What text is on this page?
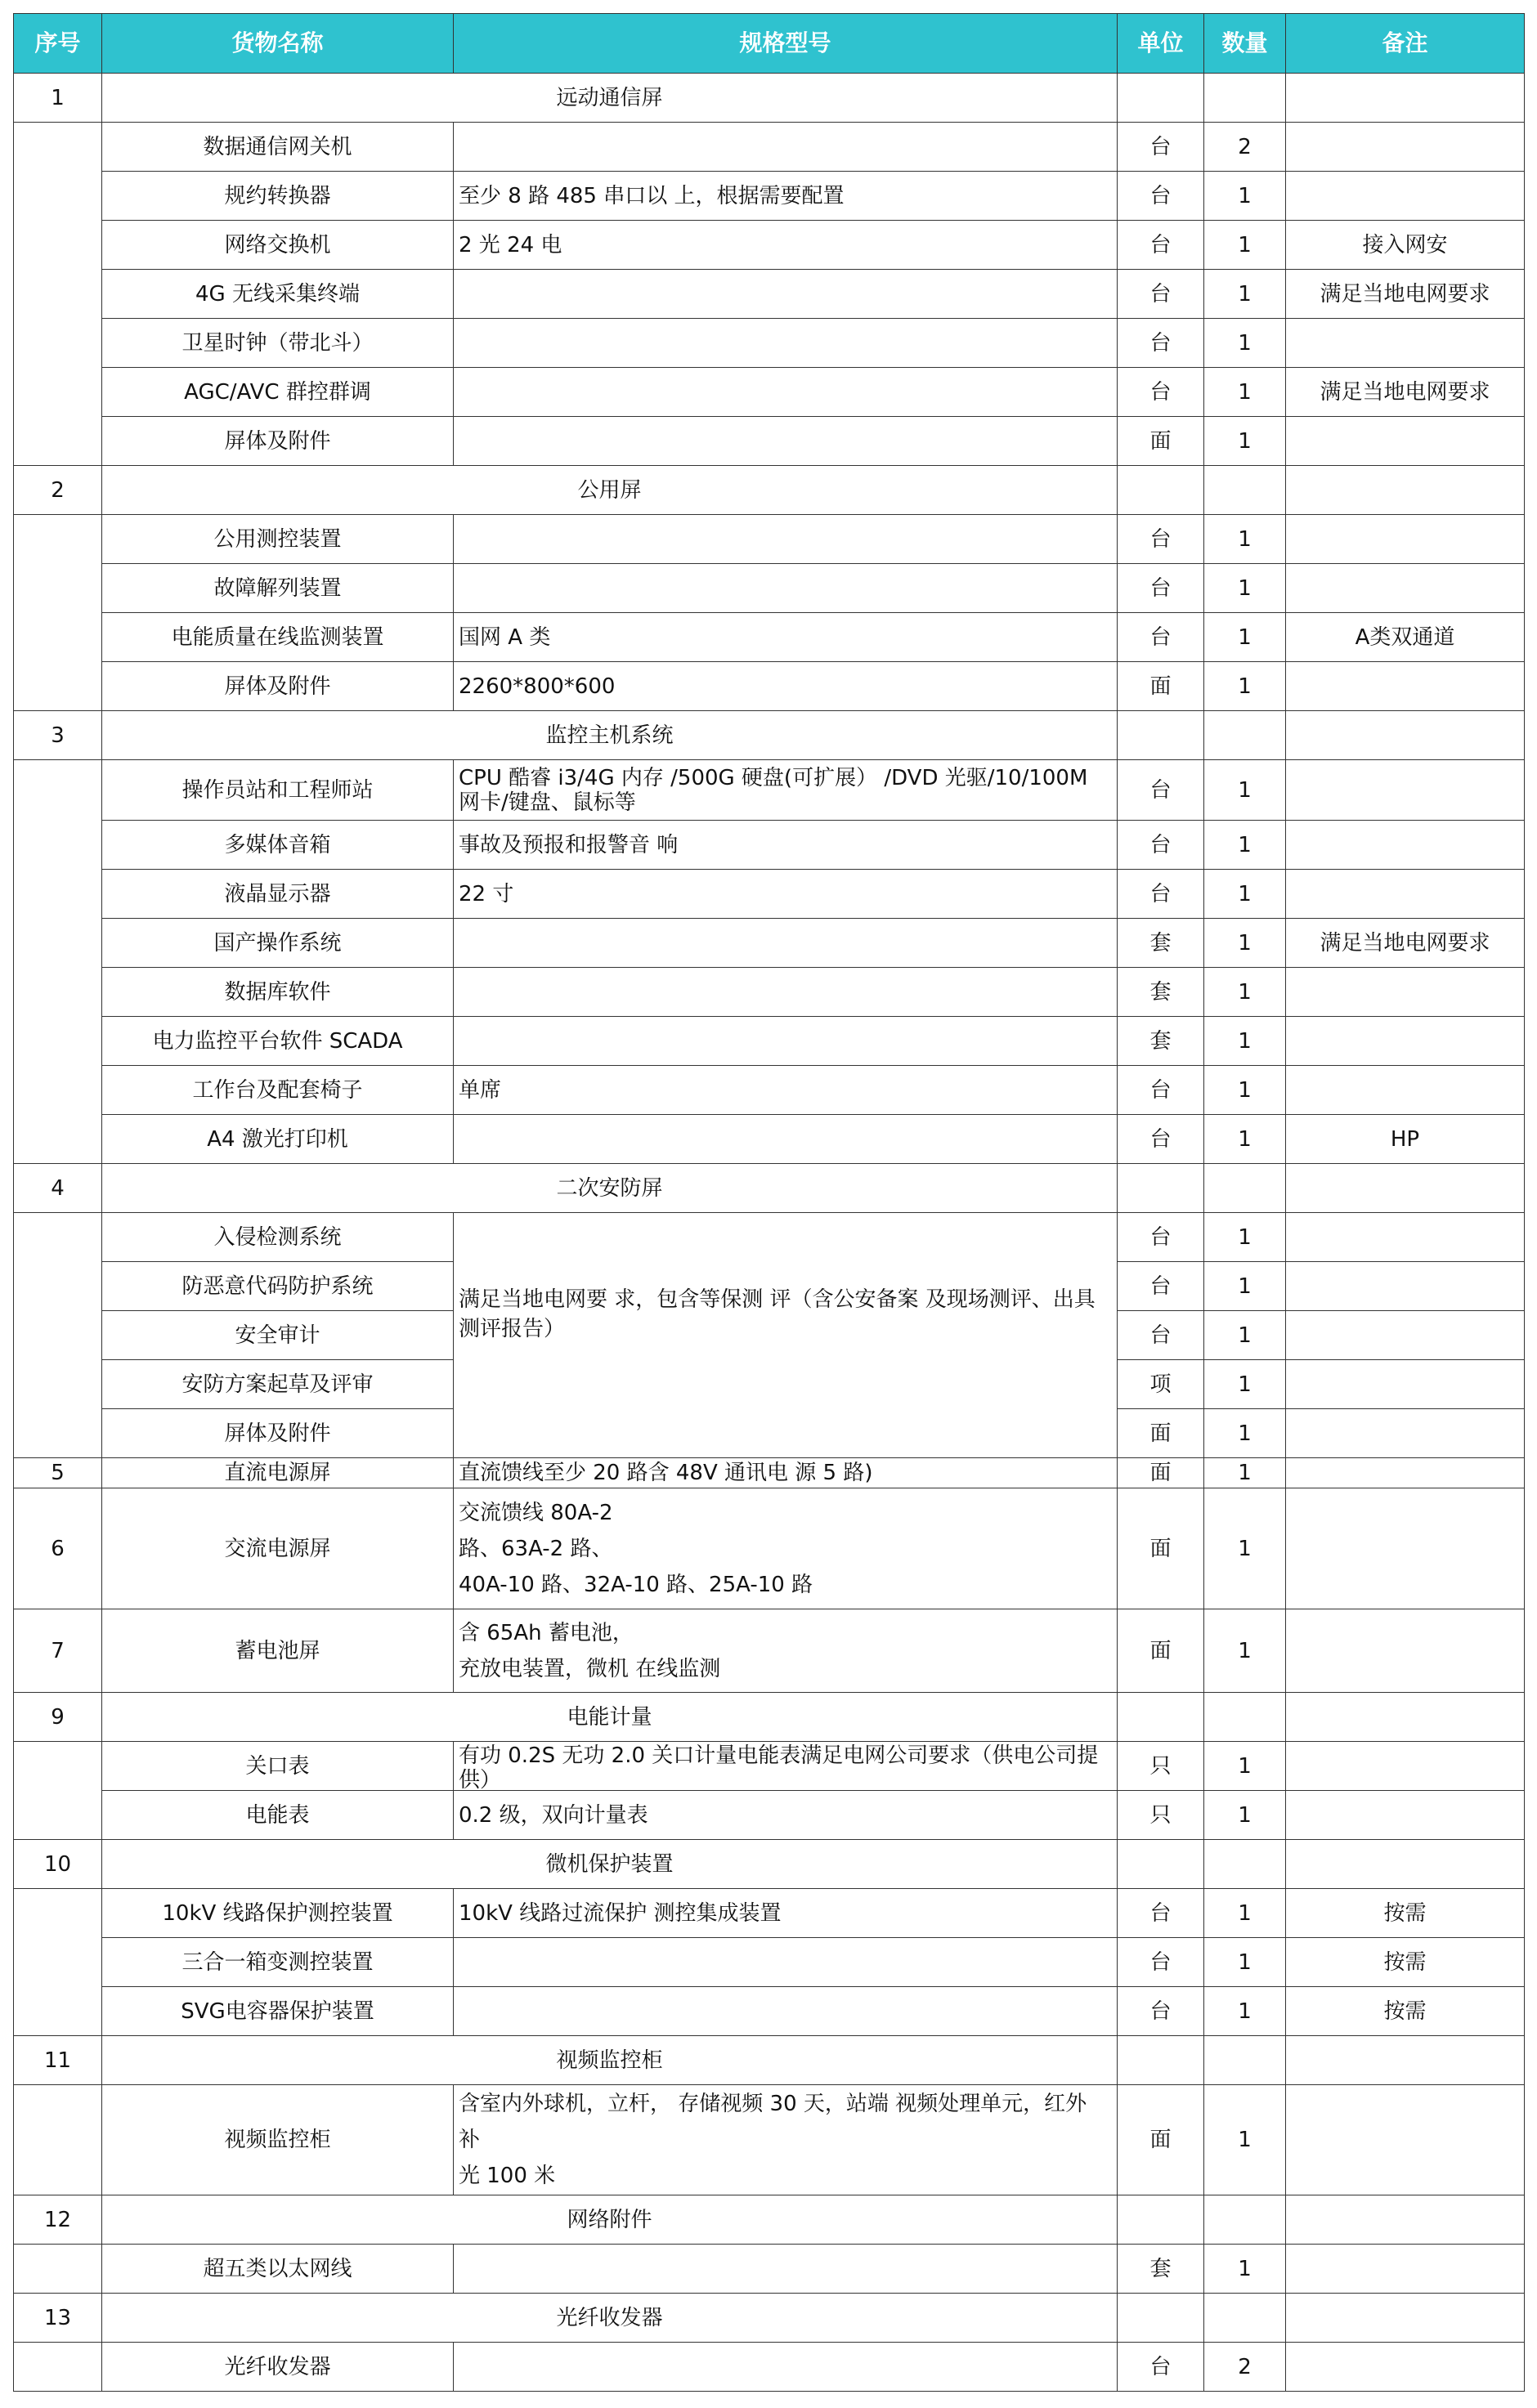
序号	货物名称	规格型号	单位	数量	备注
1	远动通信屏				
	数据通信网关机		台	2	
	规约转换器	至少 8 路 485 串口以 上，根据需要配置	台	1	
	网络交换机	2 光 24 电	台	1	接入网安
	4G 无线采集终端		台	1	满足当地电网要求
	卫星时钟（带北斗）		台	1	
	AGC/AVC 群控群调		台	1	满足当地电网要求
	屏体及附件		面	1	
2	公用屏				
	公用测控装置		台	1	
	故障解列装置		台	1	
	电能质量在线监测装置	国网 A 类	台	1	A类双通道
	屏体及附件	2260*800*600	面	1	
3	监控主机系统				
	操作员站和工程师站	CPU 酷睿 i3/4G 内存 /500G 硬盘(可扩展） /DVD 光驱/10/100M 网卡/键盘、鼠标等	台	1	
	多媒体音箱	事故及预报和报警音 响	台	1	
	液晶显示器	22 寸	台	1	
	国产操作系统		套	1	满足当地电网要求
	数据库软件		套	1	
	电力监控平台软件 SCADA		套	1	
	工作台及配套椅子	单席	台	1	
	A4 激光打印机		台	1	HP
4	二次安防屏				
	入侵检测系统	满足当地电网要 求，包含等保测 评（含公安备案 及现场测评、出具测评报告）	台	1	
	防恶意代码防护系统		台	1	
	安全审计		台	1	
	安防方案起草及评审		项	1	
	屏体及附件		面	1	
5	直流电源屏	直流馈线至少 20 路含 48V 通讯电 源 5 路)	面	1	
6	交流电源屏	交流馈线 80A-2
路、63A-2 路、
40A-10 路、32A-10 路、25A-10 路	面	1	
7	蓄电池屏	含 65Ah 蓄电池，
充放电装置，微机 在线监测	面	1	
9	电能计量				
	关口表	有功 0.2S 无功 2.0 关口计量电能表满足电网公司要求（供电公司提供）	只	1	
	电能表	0.2 级，双向计量表	只	1	
10	微机保护装置				
	10kV 线路保护测控装置	10kV 线路过流保护 测控集成装置	台	1	按需
	三合一箱变测控装置		台	1	按需
	SVG电容器保护装置		台	1	按需
11	视频监控柜				
	视频监控柜	含室内外球机，立杆， 存储视频 30 天，站端 视频处理单元，红外 补
光 100 米	面	1	
12	网络附件				
	超五类以太网线		套	1	
13	光纤收发器				
	光纤收发器		台	2	
